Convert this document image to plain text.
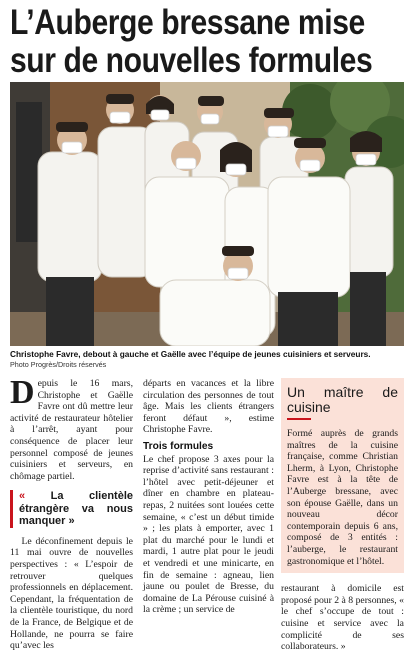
L’Auberge bressane mise sur de nouvelles formules
Christophe Favre, debout à gauche et Gaëlle avec l’équipe de jeunes cuisiniers et serveurs.
Photo Progrès/Droits réservés
D epuis le 16 mars, Christophe et Gaëlle Favre ont dû mettre leur activité de restaurateur hôtelier à l’arrêt, ayant pour conséquence de placer leur personnel composé de jeunes cuisiniers et serveurs, en chômage partiel.

« La clientèle étrangère va nous manquer »

Le déconfinement depuis le 11 mai ouvre de nouvelles perspectives : « L’espoir de retrouver quelques professionnels en déplacement. Cependant, la fréquentation de la clientèle touristique, du nord de la France, de Belgique et de Hollande, ne pourra se faire qu’avec les

départs en vacances et la libre circulation des personnes de tout âge. Mais les clients étrangers feront défaut », estime Christophe Favre.

Trois formules

Le chef propose 3 axes pour la reprise d’activité sans restaurant : l’hôtel avec petit-déjeuner et dîner en chambre en plateau-repas, 2 nuitées sont louées cette semaine, « c’est un début timide » ; les plats à emporter, avec 1 plat du marché pour le lundi et mardi, 1 autre plat pour le jeudi et vendredi et une minicarte, en fin de semaine : agneau, lien jaune ou poulet de Bresse, du domaine de La Pérouse cuisiné à la crème ; un service de

Un maître de cuisine

Formé auprès de grands maîtres de la cuisine française, comme Christian Lherm, à Lyon, Christophe Favre est à la tête de l’Auberge bressane, avec son épouse Gaëlle, dans un nouveau décor contemporain depuis 6 ans, composé de 3 entités : l’auberge, le restaurant gastronomique et l’hôtel.

restaurant à domicile est proposé pour 2 à 8 personnes, « le chef s’occupe de tout : cuisine et service avec la complicité de ses collaborateurs. »
